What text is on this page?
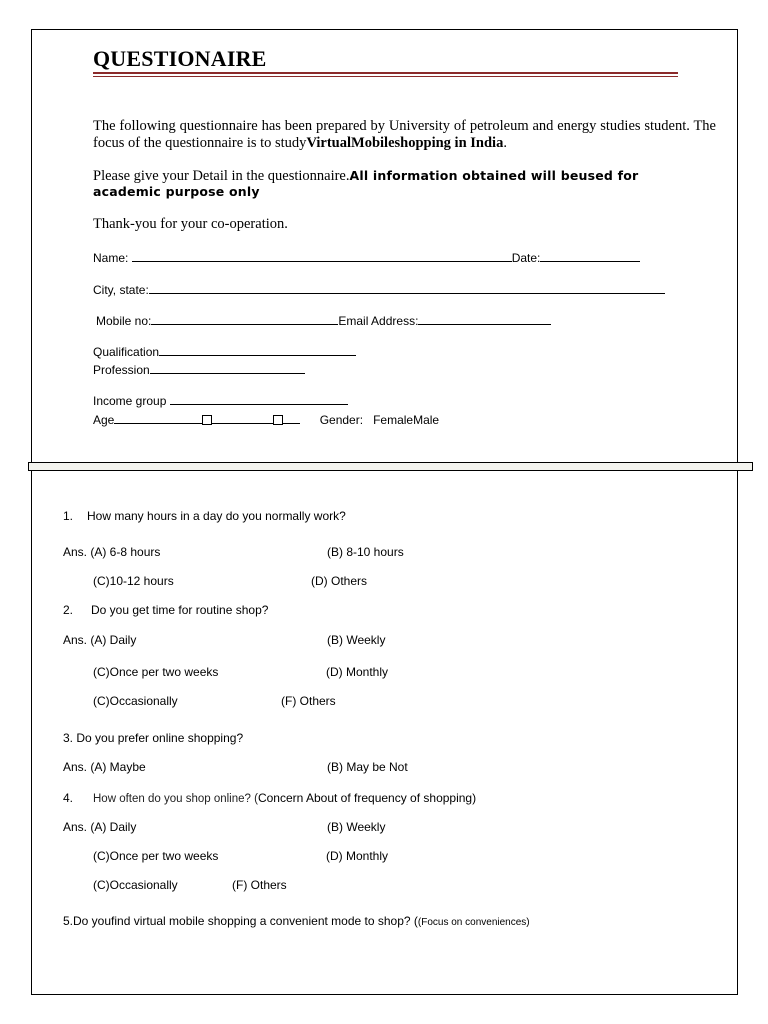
QUESTIONAIRE
The following questionnaire has been prepared by University of petroleum and energy studies student. The focus of the questionnaire is to studyVirtualMobileshopping in India.
Please give your Detail in the questionnaire.All information obtained will beused for academic purpose only
Thank-you for your co-operation.
Name:	Date:
City, state:
Mobile no:	Email Address:
Qualification
Profession
Income group
Age	Gender: FemaleMale
1. How many hours in a day do you normally work?
Ans. (A) 6-8 hours	(B) 8-10 hours
(C)10-12 hours	(D) Others
2. Do you get time for routine shop?
Ans. (A) Daily	(B) Weekly
(C)Once per two weeks	(D) Monthly
(C)Occasionally	(F) Others
3. Do you prefer online shopping?
Ans. (A) Maybe	(B) May be Not
4. How often do you shop online? (Concern About of frequency of shopping)
Ans. (A) Daily	(B) Weekly
(C)Once per two weeks	(D) Monthly
(C)Occasionally	(F) Others
5.Do youfind virtual mobile shopping a convenient mode to shop? ((Focus on conveniences)
